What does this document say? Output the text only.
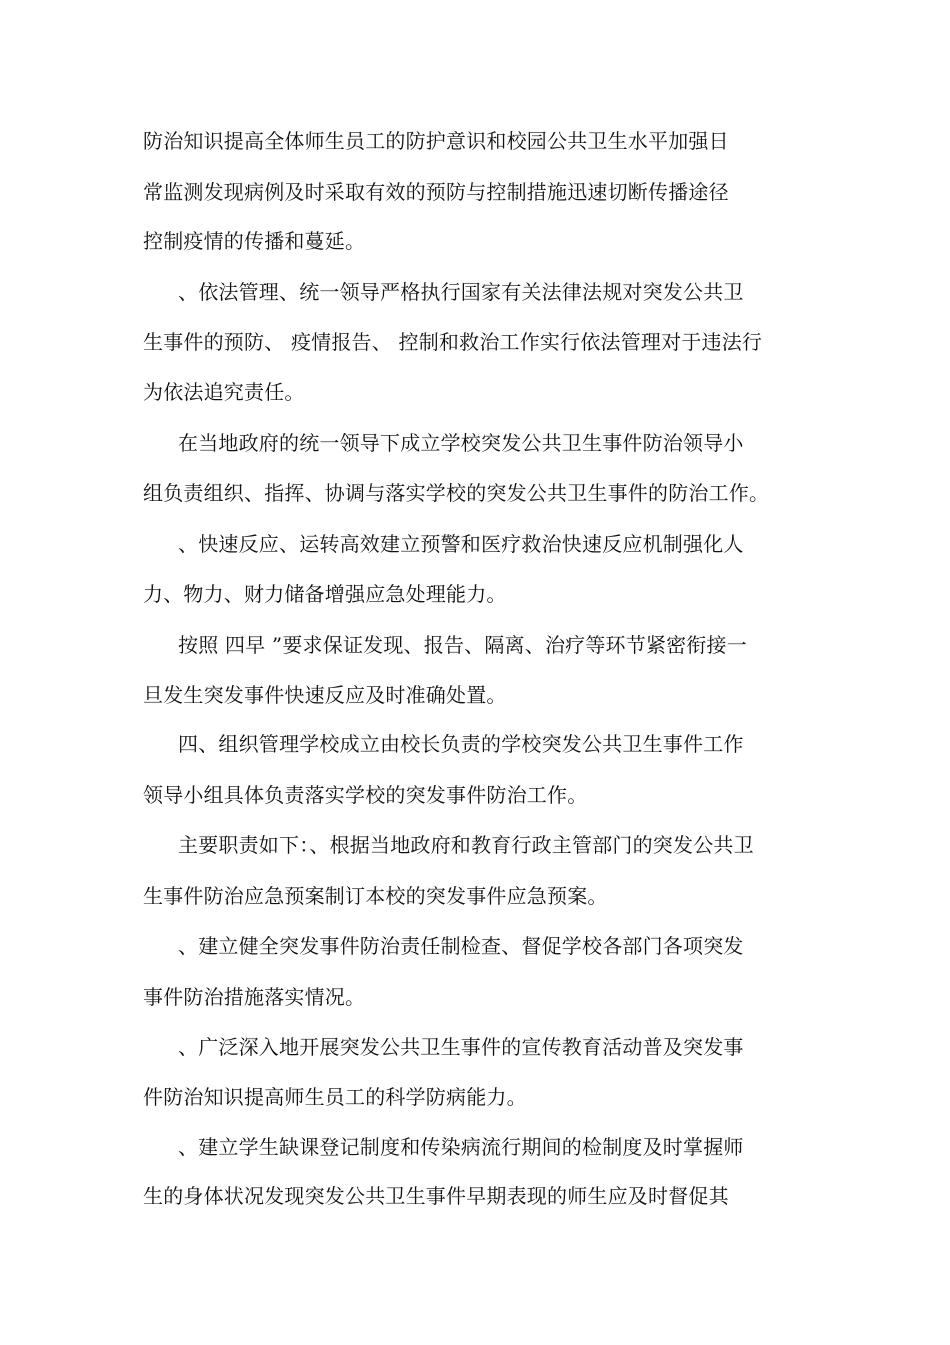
防治知识提高全体师生员工的防护意识和校园公共卫生水平加强日
常监测发现病例及时采取有效的预防与控制措施迅速切断传播途径
控制疫情的传播和蔓延。
、依法管理、统一领导严格执行国家有关法律法规对突发公共卫
生事件的预防、 疫情报告、 控制和救治工作实行依法管理对于违法行
为依法追究责任。
在当地政府的统一领导下成立学校突发公共卫生事件防治领导小
组负责组织、指挥、协调与落实学校的突发公共卫生事件的防治工作。
、快速反应、运转高效建立预警和医疗救治快速反应机制强化人
力、物力、财力储备增强应急处理能力。
按照 四早 ”要求保证发现、报告、隔离、治疗等环节紧密衔接一
旦发生突发事件快速反应及时准确处置。
四、组织管理学校成立由校长负责的学校突发公共卫生事件工作
领导小组具体负责落实学校的突发事件防治工作。
主要职责如下：、根据当地政府和教育行政主管部门的突发公共卫
生事件防治应急预案制订本校的突发事件应急预案。
、建立健全突发事件防治责任制检查、督促学校各部门各项突发
事件防治措施落实情况。
、广泛深入地开展突发公共卫生事件的宣传教育活动普及突发事
件防治知识提高师生员工的科学防病能力。
、建立学生缺课登记制度和传染病流行期间的检制度及时掌握师
生的身体状况发现突发公共卫生事件早期表现的师生应及时督促其
